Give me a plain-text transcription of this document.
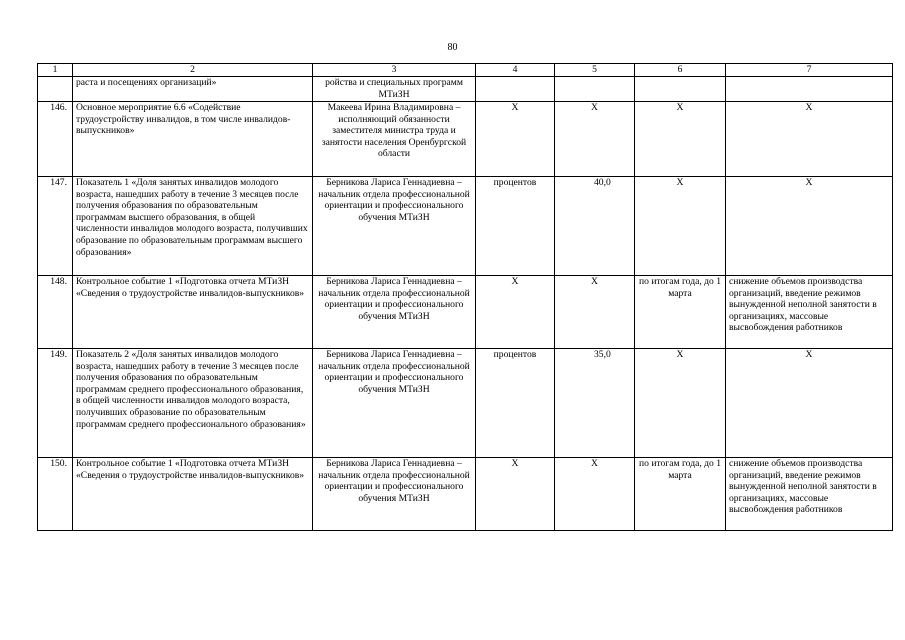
80
1	2	3	4	5	6	7
	раста и посещениях организаций»	ройства и специальных программ МТиЗН				
146.	Основное мероприятие 6.6 «Содействие трудоустройству инвалидов, в том числе инвалидов-выпускников»	Макеева Ирина Владимировна – исполняющий обязанности заместителя министра труда и занятости населения Оренбургской области	X	X	X	X
147.	Показатель 1 «Доля занятых инвалидов молодого возраста, нашедших работу в течение 3 месяцев после получения образования по образовательным программам высшего образования, в общей численности инвалидов молодого возраста, получивших образование по образовательным программам высшего образования»	Берникова Лариса Геннадиевна – начальник отдела профессиональной ориентации и профессионального обучения МТиЗН	процентов	40,0	X	X
148.	Контрольное событие 1 «Подготовка отчета МТиЗН «Сведения о трудоустройстве инвалидов-выпускников»	Берникова Лариса Геннадиевна – начальник отдела профессиональной ориентации и профессионального обучения МТиЗН	X	X	по итогам года, до 1 марта	снижение объемов производства организаций, введение режимов вынужденной неполной занятости в организациях, массовые высвобождения работников
149.	Показатель 2 «Доля занятых инвалидов молодого возраста, нашедших работу в течение 3 месяцев после получения образования по образовательным программам среднего профессионального образования, в общей численности инвалидов молодого возраста, получивших образование по образовательным программам среднего профессионального образования»	Берникова Лариса Геннадиевна – начальник отдела профессиональной ориентации и профессионального обучения МТиЗН	процентов	35,0	X	X
150.	Контрольное событие 1 «Подготовка отчета МТиЗН «Сведения о трудоустройстве инвалидов-выпускников»	Берникова Лариса Геннадиевна – начальник отдела профессиональной ориентации и профессионального обучения МТиЗН	X	X	по итогам года, до 1 марта	снижение объемов производства организаций, введение режимов вынужденной неполной занятости в организациях, массовые высвобождения работников
